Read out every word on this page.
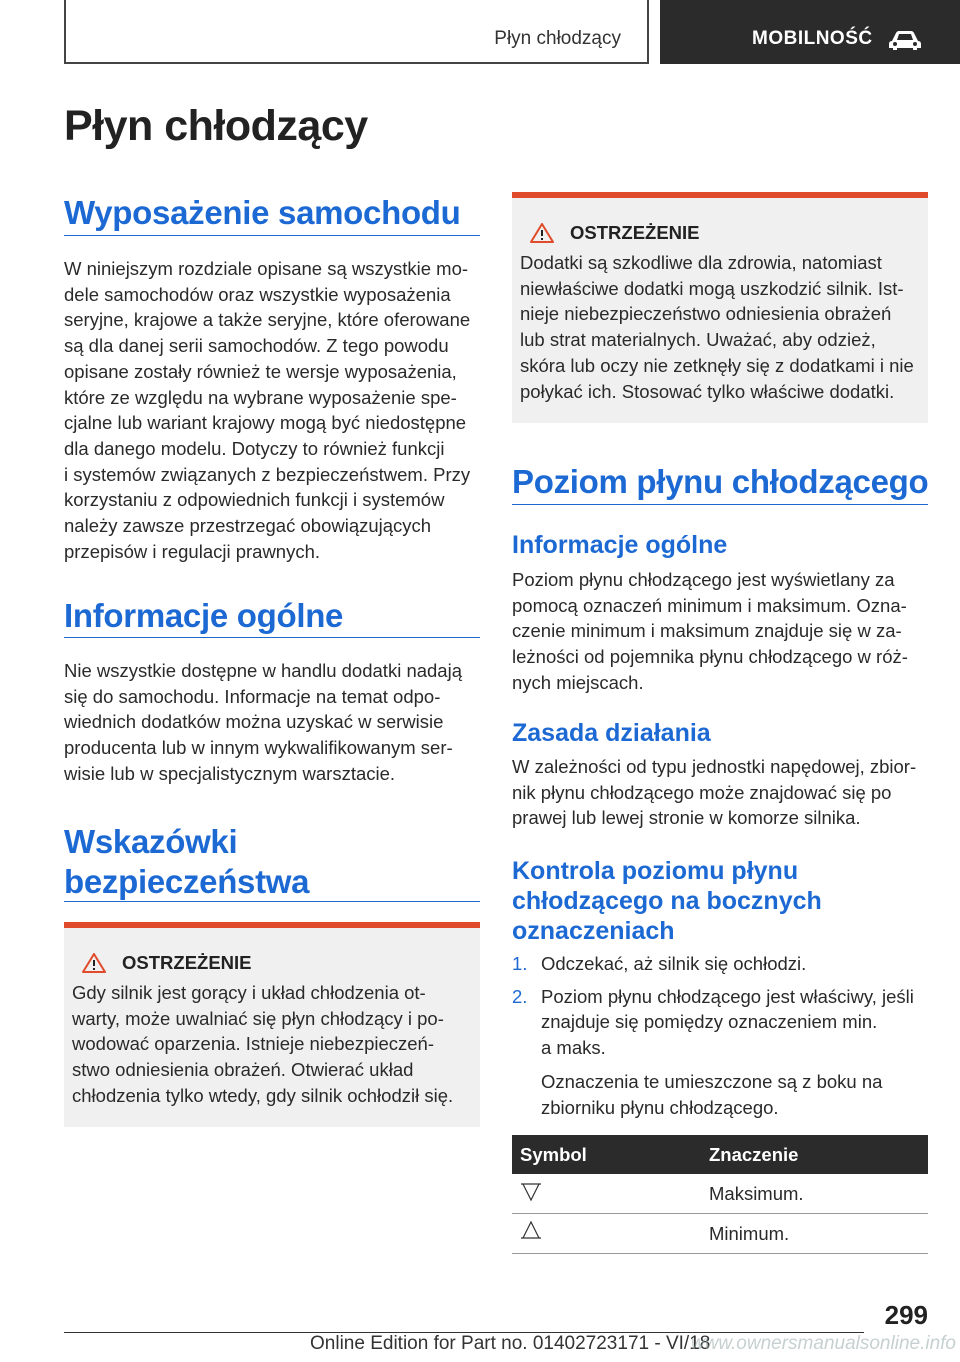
Płyn chłodzący	MOBILNOŚĆ
Płyn chłodzący
Wyposażenie samochodu

W niniejszym rozdziale opisane są wszystkie mo-
dele samochodów oraz wszystkie wyposażenia
seryjne, krajowe a także seryjne, które oferowane
są dla danej serii samochodów. Z tego powodu
opisane zostały również te wersje wyposażenia,
które ze względu na wybrane wyposażenie spe-
cjalne lub wariant krajowy mogą być niedostępne
dla danego modelu. Dotyczy to również funkcji
i systemów związanych z bezpieczeństwem. Przy
korzystaniu z odpowiednich funkcji i systemów
należy zawsze przestrzegać obowiązujących
przepisów i regulacji prawnych.

Informacje ogólne

Nie wszystkie dostępne w handlu dodatki nadają
się do samochodu. Informacje na temat odpo-
wiednich dodatków można uzyskać w serwisie
producenta lub w innym wykwalifikowanym ser-
wisie lub w specjalistycznym warsztacie.

Wskazówki
bezpieczeństwa
OSTRZEŻENIE

Gdy silnik jest gorący i układ chłodzenia ot-
warty, może uwalniać się płyn chłodzący i po-
wodować oparzenia. Istnieje niebezpieczeń-
stwo odniesienia obrażeń. Otwierać układ
chłodzenia tylko wtedy, gdy silnik ochłodził się.

OSTRZEŻENIE

Dodatki są szkodliwe dla zdrowia, natomiast
niewłaściwe dodatki mogą uszkodzić silnik. Ist-
nieje niebezpieczeństwo odniesienia obrażeń
lub strat materialnych. Uważać, aby odzież,
skóra lub oczy nie zetknęły się z dodatkami i nie
połykać ich. Stosować tylko właściwe dodatki.

Poziom płynu chłodzącego
Informacje ogólne

Poziom płynu chłodzącego jest wyświetlany za
pomocą oznaczeń minimum i maksimum. Ozna-
czenie minimum i maksimum znajduje się w za-
leżności od pojemnika płynu chłodzącego w róż-
nych miejscach.

Zasada działania

W zależności od typu jednostki napędowej, zbior-
nik płynu chłodzącego może znajdować się po
prawej lub lewej stronie w komorze silnika.

Kontrola poziomu płynu
chłodzącego na bocznych
oznaczeniach
1. Odczekać, aż silnik się ochłodzi.
2. Poziom płynu chłodzącego jest właściwy, jeśli
znajduje się pomiędzy oznaczeniem min.
a maks.
Oznaczenia te umieszczone są z boku na
zbiorniku płynu chłodzącego.
Symbol	Znaczenie
	Maksimum.
	Minimum.
299
Online Edition for Part no. 01402723171 - VI/18
www.ownersmanualsonline.info
